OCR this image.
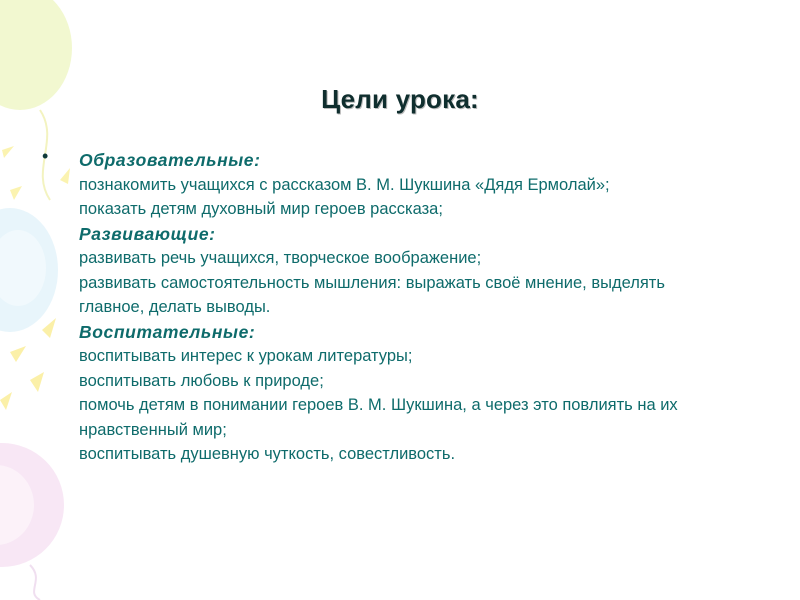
Цели урока:
• Образовательные:
познакомить учащихся с рассказом В. М. Шукшина «Дядя Ермолай»;
показать детям духовный мир героев рассказа;
Развивающие:
развивать речь учащихся, творческое воображение;
развивать самостоятельность мышления: выражать своё мнение, выделять
главное, делать выводы.
Воспитательные:
воспитывать интерес к урокам литературы;
воспитывать любовь к природе;
помочь детям в понимании героев В. М. Шукшина, а через это повлиять на их
нравственный мир;
воспитывать душевную чуткость, совестливость.
